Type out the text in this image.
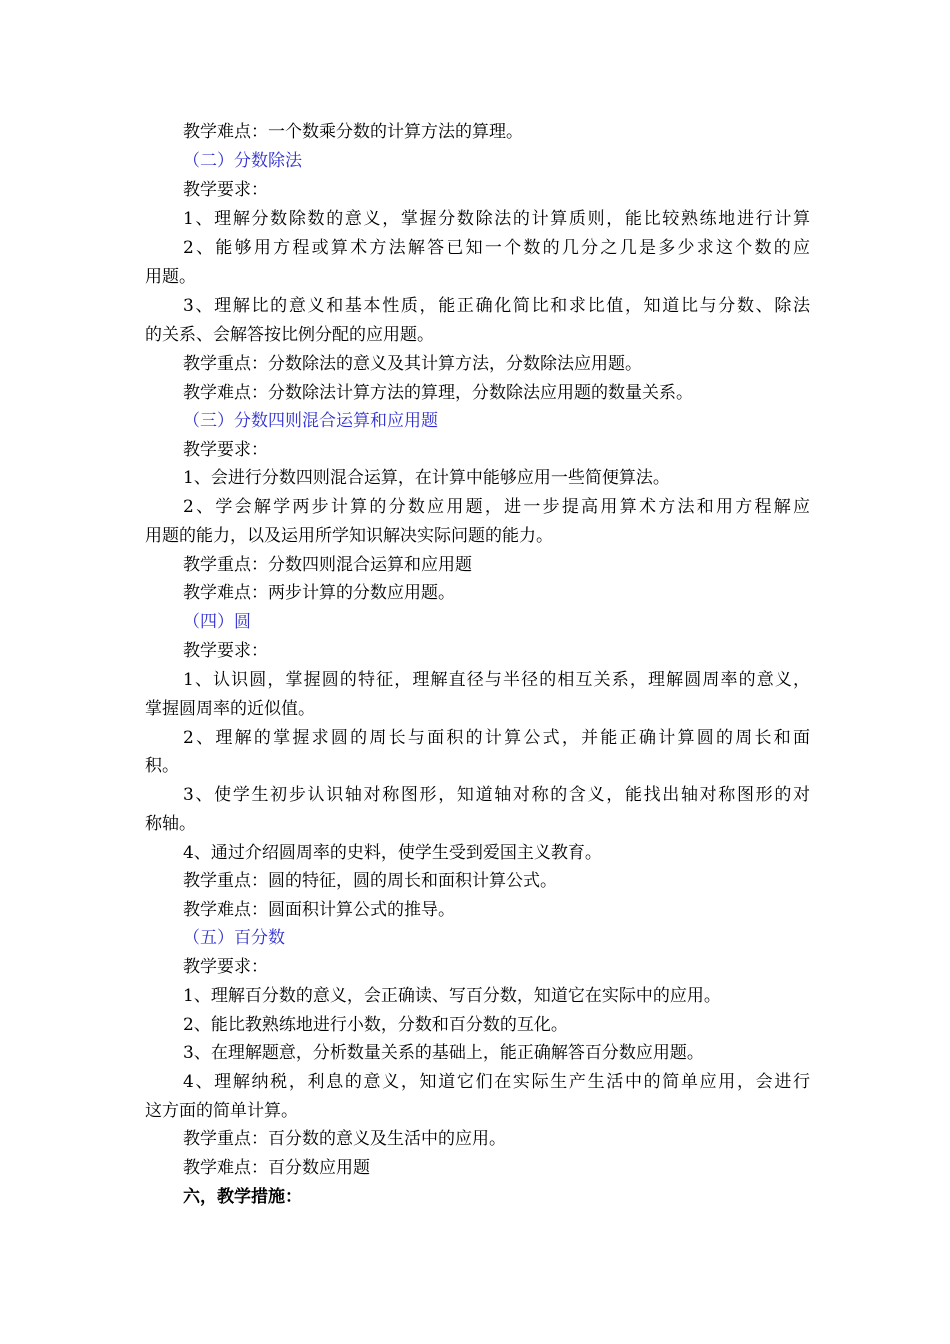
教学难点：一个数乘分数的计算方法的算理。
（二）分数除法
教学要求：
1、理解分数除数的意义，掌握分数除法的计算质则，能比较熟练地进行计算
2、能够用方程或算术方法解答已知一个数的几分之几是多少求这个数的应
用题。
3、理解比的意义和基本性质，能正确化简比和求比值，知道比与分数、除法
的关系、会解答按比例分配的应用题。
教学重点：分数除法的意义及其计算方法，分数除法应用题。
教学难点：分数除法计算方法的算理，分数除法应用题的数量关系。
（三）分数四则混合运算和应用题
教学要求：
1、会进行分数四则混合运算，在计算中能够应用一些简便算法。
2、学会解学两步计算的分数应用题，进一步提高用算术方法和用方程解应
用题的能力，以及运用所学知识解决实际问题的能力。
教学重点：分数四则混合运算和应用题
教学难点：两步计算的分数应用题。
（四）圆
教学要求：
1、认识圆，掌握圆的特征，理解直径与半径的相互关系，理解圆周率的意义，
掌握圆周率的近似值。
2、理解的掌握求圆的周长与面积的计算公式，并能正确计算圆的周长和面
积。
3、使学生初步认识轴对称图形，知道轴对称的含义，能找出轴对称图形的对
称轴。
4、通过介绍圆周率的史料，使学生受到爱国主义教育。
教学重点：圆的特征，圆的周长和面积计算公式。
教学难点：圆面积计算公式的推导。
（五）百分数
教学要求：
1、理解百分数的意义，会正确读、写百分数，知道它在实际中的应用。
2、能比教熟练地进行小数，分数和百分数的互化。
3、在理解题意，分析数量关系的基础上，能正确解答百分数应用题。
4、理解纳税，利息的意义，知道它们在实际生产生活中的简单应用，会进行
这方面的简单计算。
教学重点：百分数的意义及生活中的应用。
教学难点：百分数应用题
六，教学措施：
